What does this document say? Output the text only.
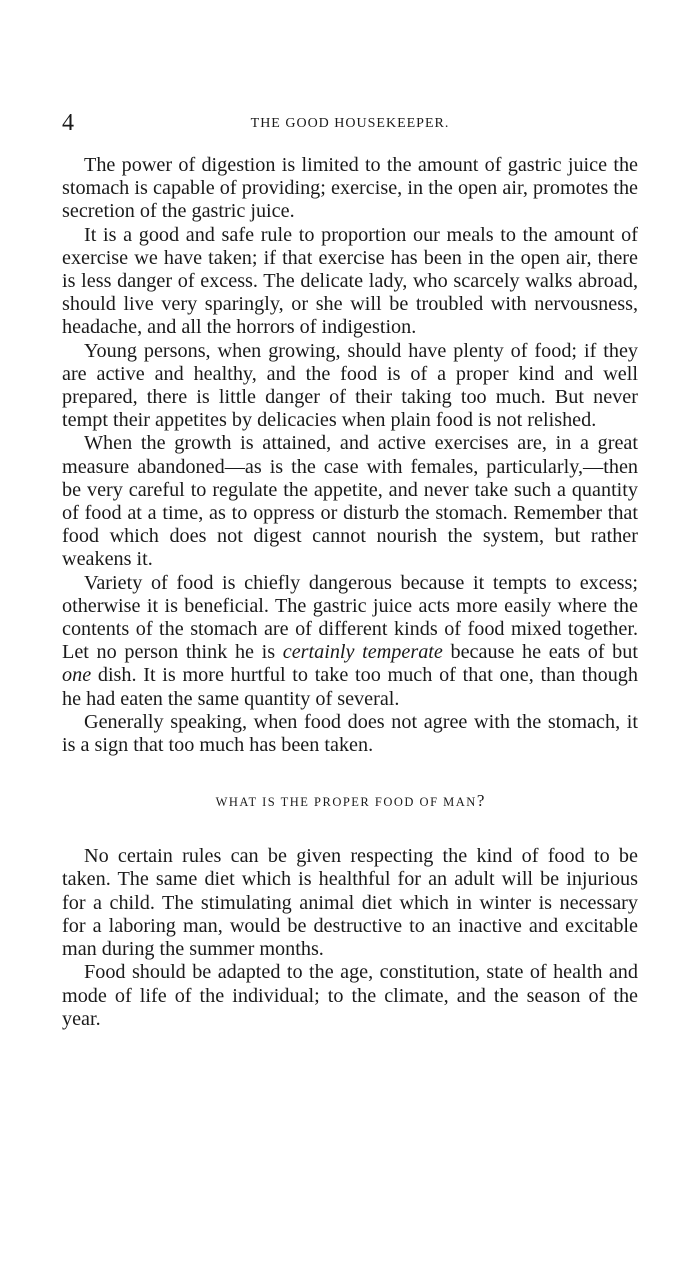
4	THE GOOD HOUSEKEEPER.

The power of digestion is limited to the amount of gastric juice the stomach is capable of providing; exercise, in the open air, promotes the secretion of the gastric juice.

It is a good and safe rule to proportion our meals to the amount of exercise we have taken; if that exercise has been in the open air, there is less danger of excess. The delicate lady, who scarcely walks abroad, should live very sparingly, or she will be troubled with nervousness, headache, and all the horrors of indigestion.

Young persons, when growing, should have plenty of food; if they are active and healthy, and the food is of a proper kind and well prepared, there is little danger of their taking too much. But never tempt their appetites by delicacies when plain food is not relished.

When the growth is attained, and active exercises are, in a great measure abandoned—as is the case with females, particularly,—then be very careful to regulate the appetite, and never take such a quantity of food at a time, as to oppress or disturb the stomach. Remember that food which does not digest cannot nourish the system, but rather weakens it.

Variety of food is chiefly dangerous because it tempts to excess; otherwise it is beneficial. The gastric juice acts more easily where the contents of the stomach are of different kinds of food mixed together. Let no person think he is certainly temperate because he eats of but one dish. It is more hurtful to take too much of that one, than though he had eaten the same quantity of several.

Generally speaking, when food does not agree with the stomach, it is a sign that too much has been taken.

WHAT IS THE PROPER FOOD OF MAN?

No certain rules can be given respecting the kind of food to be taken. The same diet which is healthful for an adult will be injurious for a child. The stimulating animal diet which in winter is necessary for a laboring man, would be destructive to an inactive and excitable man during the summer months.

Food should be adapted to the age, constitution, state of health and mode of life of the individual; to the climate, and the season of the year.
